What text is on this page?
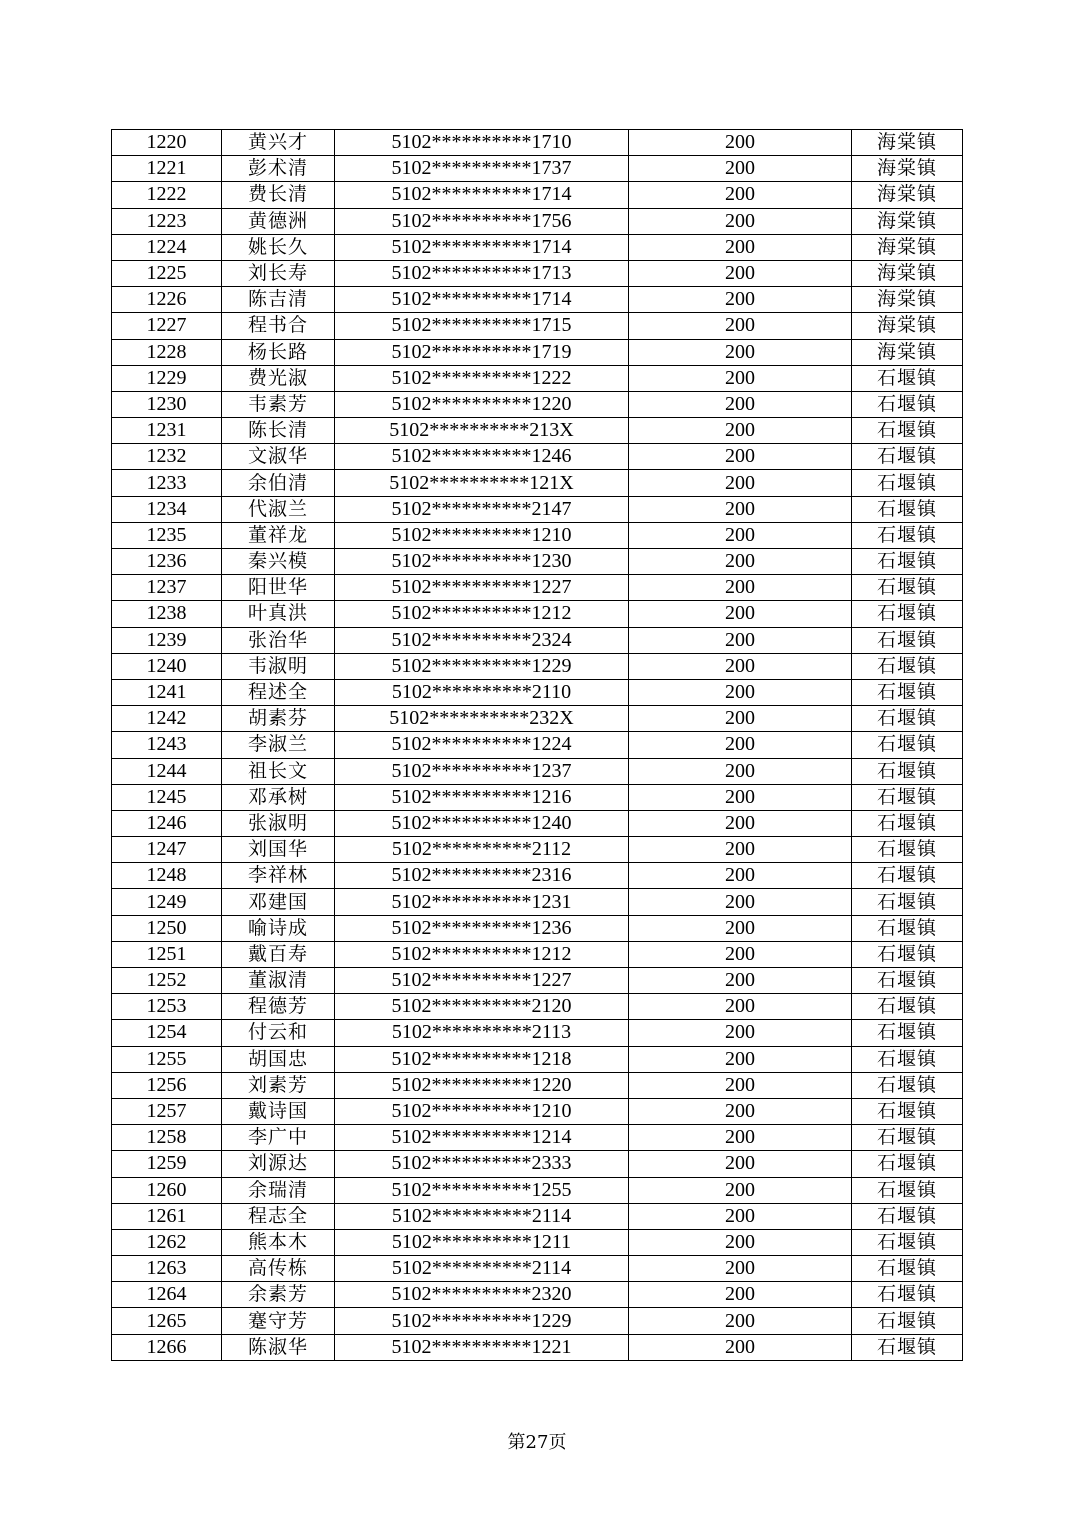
1220	黄兴才	5102**********1710	200	海棠镇
1221	彭术清	5102**********1737	200	海棠镇
1222	费长清	5102**********1714	200	海棠镇
1223	黄德洲	5102**********1756	200	海棠镇
1224	姚长久	5102**********1714	200	海棠镇
1225	刘长寿	5102**********1713	200	海棠镇
1226	陈吉清	5102**********1714	200	海棠镇
1227	程书合	5102**********1715	200	海棠镇
1228	杨长路	5102**********1719	200	海棠镇
1229	费光淑	5102**********1222	200	石堰镇
1230	韦素芳	5102**********1220	200	石堰镇
1231	陈长清	5102**********213X	200	石堰镇
1232	文淑华	5102**********1246	200	石堰镇
1233	余伯清	5102**********121X	200	石堰镇
1234	代淑兰	5102**********2147	200	石堰镇
1235	董祥龙	5102**********1210	200	石堰镇
1236	秦兴模	5102**********1230	200	石堰镇
1237	阳世华	5102**********1227	200	石堰镇
1238	叶真洪	5102**********1212	200	石堰镇
1239	张治华	5102**********2324	200	石堰镇
1240	韦淑明	5102**********1229	200	石堰镇
1241	程述全	5102**********2110	200	石堰镇
1242	胡素芬	5102**********232X	200	石堰镇
1243	李淑兰	5102**********1224	200	石堰镇
1244	祖长文	5102**********1237	200	石堰镇
1245	邓承树	5102**********1216	200	石堰镇
1246	张淑明	5102**********1240	200	石堰镇
1247	刘国华	5102**********2112	200	石堰镇
1248	李祥林	5102**********2316	200	石堰镇
1249	邓建国	5102**********1231	200	石堰镇
1250	喻诗成	5102**********1236	200	石堰镇
1251	戴百寿	5102**********1212	200	石堰镇
1252	董淑清	5102**********1227	200	石堰镇
1253	程德芳	5102**********2120	200	石堰镇
1254	付云和	5102**********2113	200	石堰镇
1255	胡国忠	5102**********1218	200	石堰镇
1256	刘素芳	5102**********1220	200	石堰镇
1257	戴诗国	5102**********1210	200	石堰镇
1258	李广中	5102**********1214	200	石堰镇
1259	刘源达	5102**********2333	200	石堰镇
1260	余瑞清	5102**********1255	200	石堰镇
1261	程志全	5102**********2114	200	石堰镇
1262	熊本木	5102**********1211	200	石堰镇
1263	高传栋	5102**********2114	200	石堰镇
1264	余素芳	5102**********2320	200	石堰镇
1265	蹇守芳	5102**********1229	200	石堰镇
1266	陈淑华	5102**********1221	200	石堰镇
第27页
